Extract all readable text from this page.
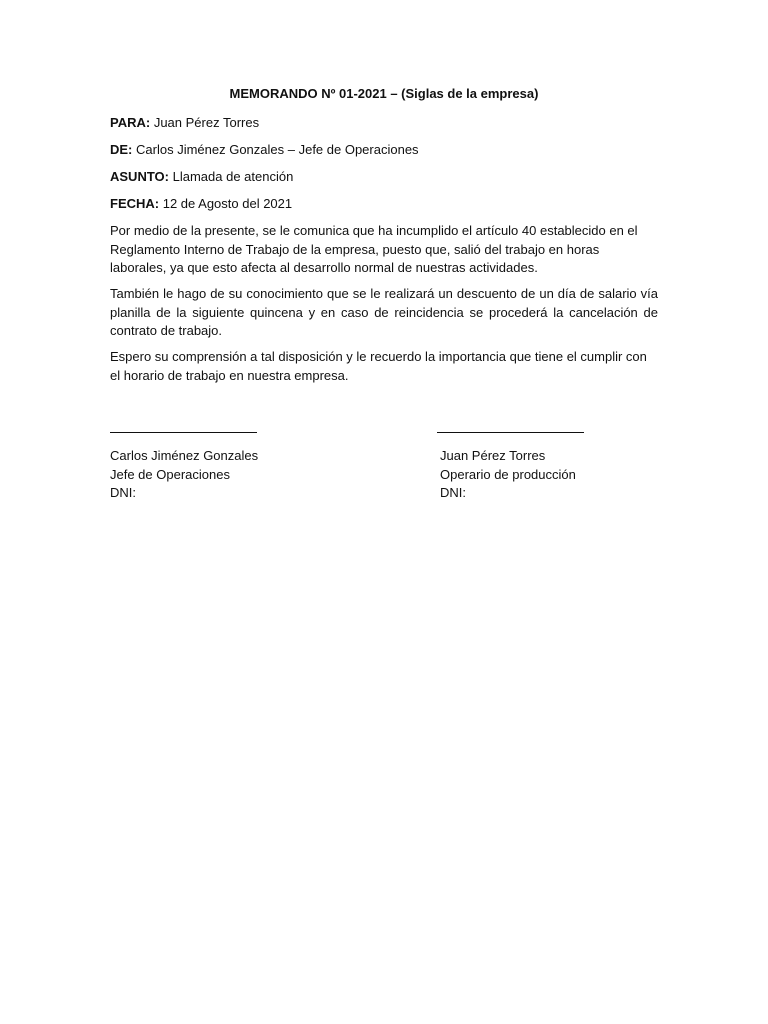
MEMORANDO Nº 01-2021 – (Siglas de la empresa)
PARA: Juan Pérez Torres
DE: Carlos Jiménez Gonzales – Jefe de Operaciones
ASUNTO: Llamada de atención
FECHA: 12 de Agosto del 2021
Por medio de la presente, se le comunica que ha incumplido el artículo 40 establecido en el Reglamento Interno de Trabajo de la empresa, puesto que, salió del trabajo en horas laborales, ya que esto afecta al desarrollo normal de nuestras actividades.
También le hago de su conocimiento que se le realizará un descuento de un día de salario vía planilla de la siguiente quincena y en caso de reincidencia se procederá la cancelación de contrato de trabajo.
Espero su comprensión a tal disposición y le recuerdo la importancia que tiene el cumplir con el horario de trabajo en nuestra empresa.
Carlos Jiménez Gonzales
Jefe de Operaciones
DNI:
Juan Pérez Torres
Operario de producción
DNI:
